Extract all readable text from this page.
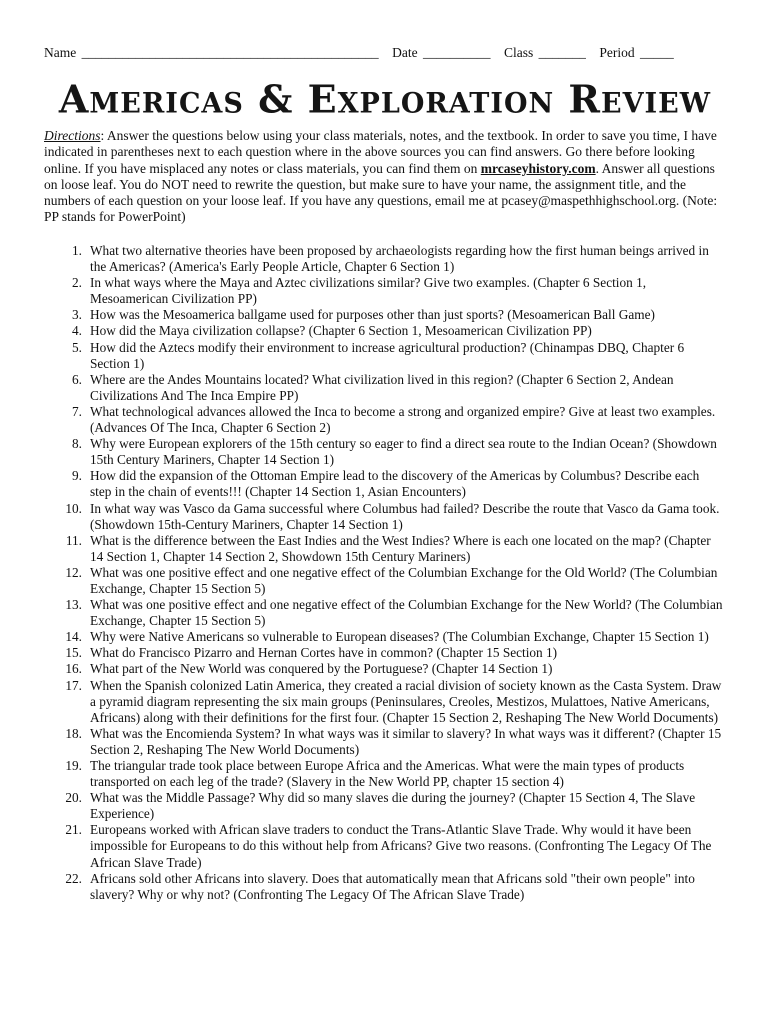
Name ____________________________________________ Date __________ Class _______ Period _____
Americas & Exploration Review
Directions: Answer the questions below using your class materials, notes, and the textbook. In order to save you time, I have indicated in parentheses next to each question where in the above sources you can find answers. Go there before looking online. If you have misplaced any notes or class materials, you can find them on mrcaseyhistory.com. Answer all questions on loose leaf. You do NOT need to rewrite the question, but make sure to have your name, the assignment title, and the numbers of each question on your loose leaf. If you have any questions, email me at pcasey@maspethhighschool.org. (Note: PP stands for PowerPoint)
1. What two alternative theories have been proposed by archaeologists regarding how the first human beings arrived in the Americas? (America's Early People Article, Chapter 6 Section 1)
2. In what ways where the Maya and Aztec civilizations similar? Give two examples. (Chapter 6 Section 1, Mesoamerican Civilization PP)
3. How was the Mesoamerica ballgame used for purposes other than just sports? (Mesoamerican Ball Game)
4. How did the Maya civilization collapse? (Chapter 6 Section 1, Mesoamerican Civilization PP)
5. How did the Aztecs modify their environment to increase agricultural production? (Chinampas DBQ, Chapter 6 Section 1)
6. Where are the Andes Mountains located? What civilization lived in this region? (Chapter 6 Section 2, Andean Civilizations And The Inca Empire PP)
7. What technological advances allowed the Inca to become a strong and organized empire? Give at least two examples. (Advances Of The Inca, Chapter 6 Section 2)
8. Why were European explorers of the 15th century so eager to find a direct sea route to the Indian Ocean? (Showdown 15th Century Mariners, Chapter 14 Section 1)
9. How did the expansion of the Ottoman Empire lead to the discovery of the Americas by Columbus? Describe each step in the chain of events!!! (Chapter 14 Section 1, Asian Encounters)
10. In what way was Vasco da Gama successful where Columbus had failed? Describe the route that Vasco da Gama took. (Showdown 15th-Century Mariners, Chapter 14 Section 1)
11. What is the difference between the East Indies and the West Indies? Where is each one located on the map? (Chapter 14 Section 1, Chapter 14 Section 2, Showdown 15th Century Mariners)
12. What was one positive effect and one negative effect of the Columbian Exchange for the Old World? (The Columbian Exchange, Chapter 15 Section 5)
13. What was one positive effect and one negative effect of the Columbian Exchange for the New World? (The Columbian Exchange, Chapter 15 Section 5)
14. Why were Native Americans so vulnerable to European diseases? (The Columbian Exchange, Chapter 15 Section 1)
15. What do Francisco Pizarro and Hernan Cortes have in common? (Chapter 15 Section 1)
16. What part of the New World was conquered by the Portuguese? (Chapter 14 Section 1)
17. When the Spanish colonized Latin America, they created a racial division of society known as the Casta System. Draw a pyramid diagram representing the six main groups (Peninsulares, Creoles, Mestizos, Mulattoes, Native Americans, Africans) along with their definitions for the first four. (Chapter 15 Section 2, Reshaping The New World Documents)
18. What was the Encomienda System? In what ways was it similar to slavery? In what ways was it different? (Chapter 15 Section 2, Reshaping The New World Documents)
19. The triangular trade took place between Europe Africa and the Americas. What were the main types of products transported on each leg of the trade? (Slavery in the New World PP, chapter 15 section 4)
20. What was the Middle Passage? Why did so many slaves die during the journey? (Chapter 15 Section 4, The Slave Experience)
21. Europeans worked with African slave traders to conduct the Trans-Atlantic Slave Trade. Why would it have been impossible for Europeans to do this without help from Africans? Give two reasons. (Confronting The Legacy Of The African Slave Trade)
22. Africans sold other Africans into slavery. Does that automatically mean that Africans sold "their own people" into slavery? Why or why not? (Confronting The Legacy Of The African Slave Trade)
